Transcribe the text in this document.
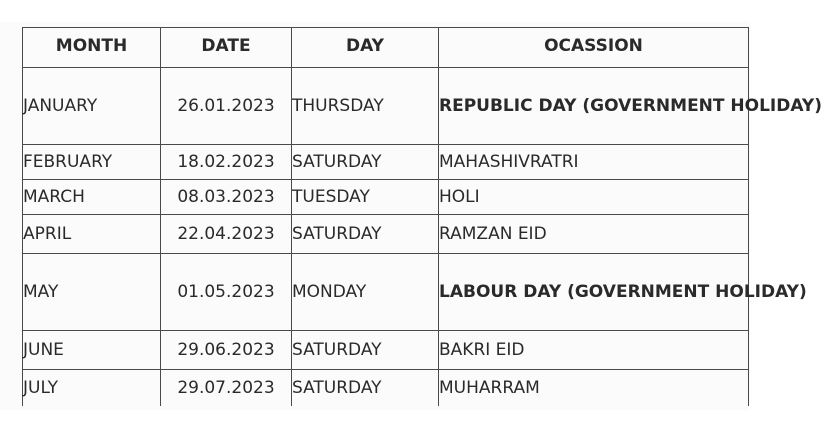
MONTH	DATE	DAY	OCASSION
JANUARY	26.01.2023	THURSDAY	REPUBLIC DAY (GOVERNMENT HOLIDAY)
FEBRUARY	18.02.2023	SATURDAY	MAHASHIVRATRI
MARCH	08.03.2023	TUESDAY	HOLI
APRIL	22.04.2023	SATURDAY	RAMZAN EID
MAY	01.05.2023	MONDAY	LABOUR DAY (GOVERNMENT HOLIDAY)
JUNE	29.06.2023	SATURDAY	BAKRI EID
JULY	29.07.2023	SATURDAY	MUHARRAM
